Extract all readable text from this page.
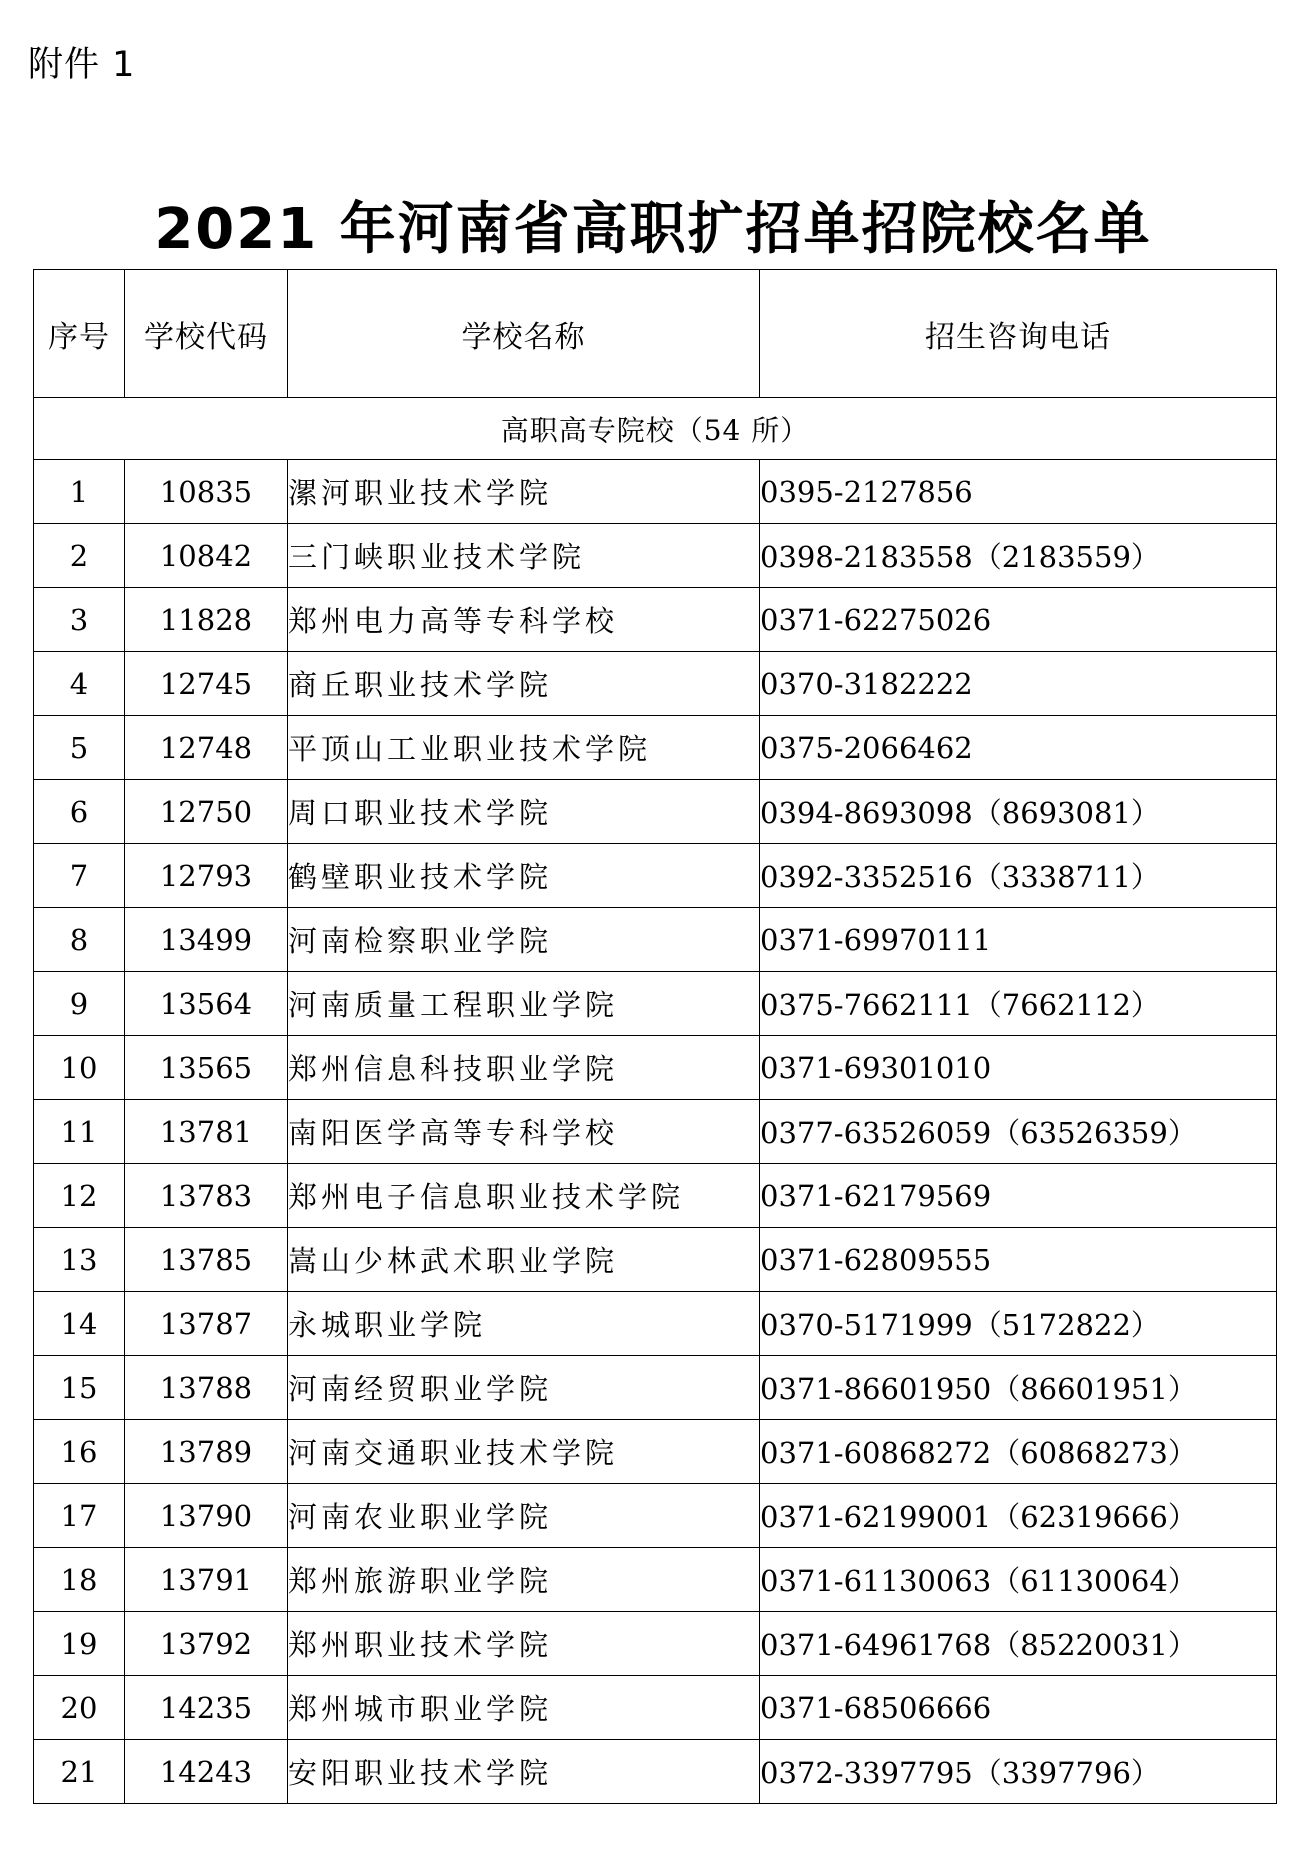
附件 1
2021 年河南省高职扩招单招院校名单
序号	学校代码	学校名称	招生咨询电话
高职高专院校（54 所）			
1	10835	漯河职业技术学院	0395-2127856
2	10842	三门峡职业技术学院	0398-2183558（2183559）
3	11828	郑州电力高等专科学校	0371-62275026
4	12745	商丘职业技术学院	0370-3182222
5	12748	平顶山工业职业技术学院	0375-2066462
6	12750	周口职业技术学院	0394-8693098（8693081）
7	12793	鹤壁职业技术学院	0392-3352516（3338711）
8	13499	河南检察职业学院	0371-69970111
9	13564	河南质量工程职业学院	0375-7662111（7662112）
10	13565	郑州信息科技职业学院	0371-69301010
11	13781	南阳医学高等专科学校	0377-63526059（63526359）
12	13783	郑州电子信息职业技术学院	0371-62179569
13	13785	嵩山少林武术职业学院	0371-62809555
14	13787	永城职业学院	0370-5171999（5172822）
15	13788	河南经贸职业学院	0371-86601950（86601951）
16	13789	河南交通职业技术学院	0371-60868272（60868273）
17	13790	河南农业职业学院	0371-62199001（62319666）
18	13791	郑州旅游职业学院	0371-61130063（61130064）
19	13792	郑州职业技术学院	0371-64961768（85220031）
20	14235	郑州城市职业学院	0371-68506666
21	14243	安阳职业技术学院	0372-3397795（3397796）
